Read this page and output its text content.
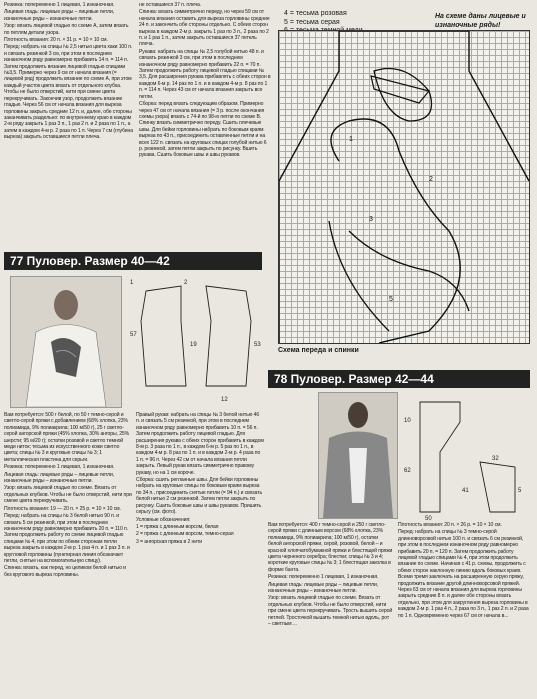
Резинка: попеременно 1 лицевая, 1 изнаночная.

Лицевая гладь: лицевые ряды – лицевые петли, изнаночные ряды – изнаночные петли.

Узор: вязать лицевой гладью по схеме А, затем вязать по петлям детали узора.

Плотность вязания: 20 п. × 31 р. = 10 × 10 см.

Перед: набрать на спицы № 2,5 нитью цвета хаки 100 п. и связать резинкой 3 см, при этом в последнем изнаночном ряду равномерно прибавить 14 п. = 114 п. Затем продолжить вязание лицевой гладью спицами №3,5. Примерно через 9 см от начала вязания (= лицевой ряд) продолжить вязание по схеме А, при этом каждый участок цвета вязать от отдельного клубка. Чтобы не было отверстий, нити при смене цвета перекручивать. Закончив узор, продолжить вязание гладью. Через 56 см от начала вязания для выреза горловины закрыть средние 12 п. и, далее, обе стороны заканчивать раздельно: по внутреннему краю в каждом 2-м ряду закрыть 1 раз 3 п., 1 раз 2 п. и 2 раза по 1 п., а затем в каждом 4-м р. 2 раза по 1 п. Через 7 см (глубина выреза) закрыть оставшиеся петли плеча.

не оставшиеся 37 п. плеча.

Спинка: вязать симметрично переду, но через 59 см от начала вязания оставить для выреза горловины средние 24 п. и закончить обе стороны отдельно. С обеих сторон выреза в каждом 2-м р. закрыть 1 раз по 3 п., 2 раза по 2 п. и 1 раз 1 п., затем закрыть оставшиеся 37 петель плеча.

Рукава: набрать на спицы № 2,5 голубой нитью 48 п. и связать резинкой 3 см, при этом в последнем изнаночном ряду равномерно прибавить 22 п. = 70 п. Затем продолжить работу лицевой гладью спицами № 3,5. Для расширения рукава прибавлять с обеих сторон в каждом 6-м р. 14 раз по 1 п. и в каждом 4-м р. 8 раз по 1 п. = 114 п. Через 43 см от начала вязания закрыть все петли.

Сборка: перед вязать следующим образом. Примерно через 47 см от начала вязания (= 3 р. после окончания схемы узора) вязать с 74-й по 98-ю петли по схеме В. Спинку вязать симметрично переду. Сшить плечевые швы. Для бейки горловины набрать по боковым краям выреза по 43 п., присоединить оставленные петли и на всех 122 п. связать на круговых спицах голубой нитью 6 р. резинкой, затем петли закрыть по рисунку. Вшить рукава. Сшить боковые швы и швы рукавов.

4 = тесьма розовая
5 = тесьма серая
На схеме даны лицевые и изнаночные ряды!
1
3
2
5
Схема переда и спинки
77 Пуловер. Размер 40—42
1	2
57
19	53
12

Вам потребуется: 500 г белой, по 50 г темно-серой и светло-серой пряжи с добавлением (68% хлопка, 23% полиамида, 9% полиакрила; 100 м/50 г), 25 г светло-серой ангорской пряжи (45% хлопка, 30% ангоры, 25% шерсти; 95 м/20 г); остатки розовой и светло темной меди ниток; тесьма из искусственного кожи светло цвета; спицы № 3 и круговые спицы № 3; 1 металлическая пластина для серьги.

Резинка: попеременно 1 лицевая, 1 изнаночная.

Лицевая гладь: лицевые ряды – лицевые петли, изнаночные ряды – изнаночные петли.

Узор: вязать лицевой гладью по схеме. Вязать от отдельных клубков. Чтобы не было отверстий, нити при смене цвета перекручивать.

Плотность вязания: 19 — 20 п. × 25 р. = 10 × 10 см.

Перед: набрать на спицы № 3 белой нитью 90 п. и связать 5 см резинкой, при этом в последнем изнаночном ряду равномерно прибавить 20 п. = 110 п. Затем продолжить работу по схеме лицевой гладью спицами № 4, при этом по обеим сторонам петли выреза закрыть в каждом 2-м р. 1 раз 4 п. и 1 раз 3 п. и кругловой горловины (пунктирная линия обозначает петли, снятые на вспомогательную спицу).

Спинка: вязать, как перед, но целиком белой нитью и без кругового выреза горловины.

Правый рукав: набрать на спицы № 3 белой нитью 46 п. и связать 5 см резинкой, при этом в последнем изнаночном ряду равномерно прибавить 10 п. = 56 п. Затем продолжить работу лицевой гладью. Для расширения рукава с обеих сторон прибавить в каждом 8-м р. 3 раза по 1 п., в каждом 6-м р. 5 раз по 1 п., в каждом 4-м р. 8 раз по 1 п. и в каждом 2-м р. 4 раза по 1 п. = 96 п. Через 42 см от начала вязания петли закрыть. Левый рукав вязать симметрично правому рукаву, но на 1 см короче.

Сборка: сшить регланные швы. Для бейки горловины набрать на круговые спицы по боковым краям выреза по 34 п., присоединить снятые петли (= 94 п.) и связать белой нитью 2 см резинкой. Затем петли закрыть по рисунку. Сшить боковые швы и швы рукавов. Пришить серьгу (см. фото).

Условные обозначения:

1 = пряжа с длинным ворсом, белая

2 = пряжа с длинным ворсом, темно-серая

3 = ангорская пряжа в 2 нити

78 Пуловер. Размер 42—44
10
62
50
41
32
5

Вам потребуется: 400 г темно-серой и 250 г светло-серой пряжи с длинным ворсом (68% хлопка, 23% полиамида, 9% полиакрила; 100 м/50 г), остатки белой ангорской пряжи, серой, розовой, белой – и красной хлопчатобумажной пряжи и блестящей пряжи цвета черненого серебра; блестки; спицы № 3 и 4; короткие круговые спицы № 3; 1 блестящая заколка в форме банта.

Резинка: попеременно 1 лицевая, 1 изнаночная.

Лицевая гладь: лицевые ряды – лицевые петли, изнаночные ряды – изнаночные петли.

Узор: вязать лицевой гладью по схеме. Вязать от отдельных клубков. Чтобы не было отверстий, нити при смене цвета перекручивать. Трость вышить серой петлей. Тросточкой вышить темной нитью вдоль, рот – светлым ...

Плотность вязания: 20 п. × 26 р. = 10 × 10 см.

Перед: набрать на спицы № 3 темно-серой длинноворсовой нитью 100 п. и связать 6 см резинкой, при этом в последнем изнаночном ряду равномерно прибавить 20 п. = 120 п. Затем продолжить работу лицевой гладью спицами № 4, при этом продолжить вязание по схеме. Начиная с 41 р. схемы, продолжить с обеих сторон наклонную линию вдоль боковых краев. Всеми тремя заключать на расширенную серую пряжу, продолжить вязание другой длинноворсовой пряжей. Через 63 см от начала вязания для выреза горловины закрыть средние 8 п. и далее обе стороны вязать отдельно, при этом для закругления выреза горловины в каждом 2-м р. 1 раз 4 п., 2 раза по 3 п., 1 раз 2 п. и 2 раза по 1 п. Одновременно через 67 см от начала в...
